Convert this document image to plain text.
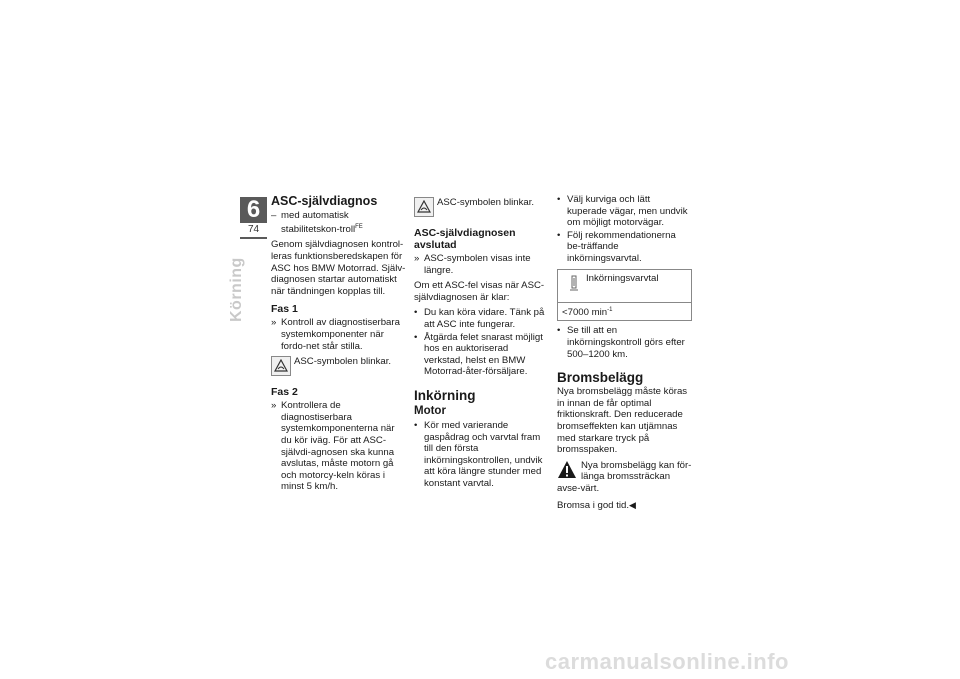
6
74
Körning
ASC-självdiagnos
– med automatisk stabilitetskon-troll$^{FE}$

Genom självdiagnosen kontrol-leras funktionsberedskapen för ASC hos BMW Motorrad. Själv-diagnosen startar automatiskt när tändningen kopplas till.

Fas 1
» Kontroll av diagnostiserbara systemkomponenter när fordo-net står stilla.
ASC-symbolen blinkar.
Fas 2
» Kontrollera de diagnostiserbara systemkomponenterna när du kör iväg. För att ASC-självdi-agnosen ska kunna avslutas, måste motorn gå och motorcy-keln köras i minst 5 km/h.
ASC-symbolen blinkar.
ASC-självdiagnosen avslutad
» ASC-symbolen visas inte längre.

Om ett ASC-fel visas när ASC-självdiagnosen är klar:

• Du kan köra vidare. Tänk på att ASC inte fungerar.
• Åtgärda felet snarast möjligt hos en auktoriserad verkstad, helst en BMW Motorrad-åter-försäljare.
Inkörning
Motor
• Kör med varierande gaspådrag och varvtal fram till den första inkörningskontrollen, undvik att köra längre stunder med konstant varvtal.
• Välj kurviga och lätt kuperade vägar, men undvik om möjligt motorvägar.
• Följ rekommendationerna be-träffande inkörningsvarvtal.
Inkörningsvarvtal
<7000 $\min^{-1}$
• Se till att en inkörningskontroll görs efter 500–1200 km.
Bromsbelägg

Nya bromsbelägg måste köras in innan de får optimal friktionskraft. Den reducerade bromseffekten kan utjämnas med starkare tryck på bromsspaken.

Nya bromsbelägg kan för-länga bromssträckan avse-värt.

Bromsa i god tid.◀

carmanualsonline.info
